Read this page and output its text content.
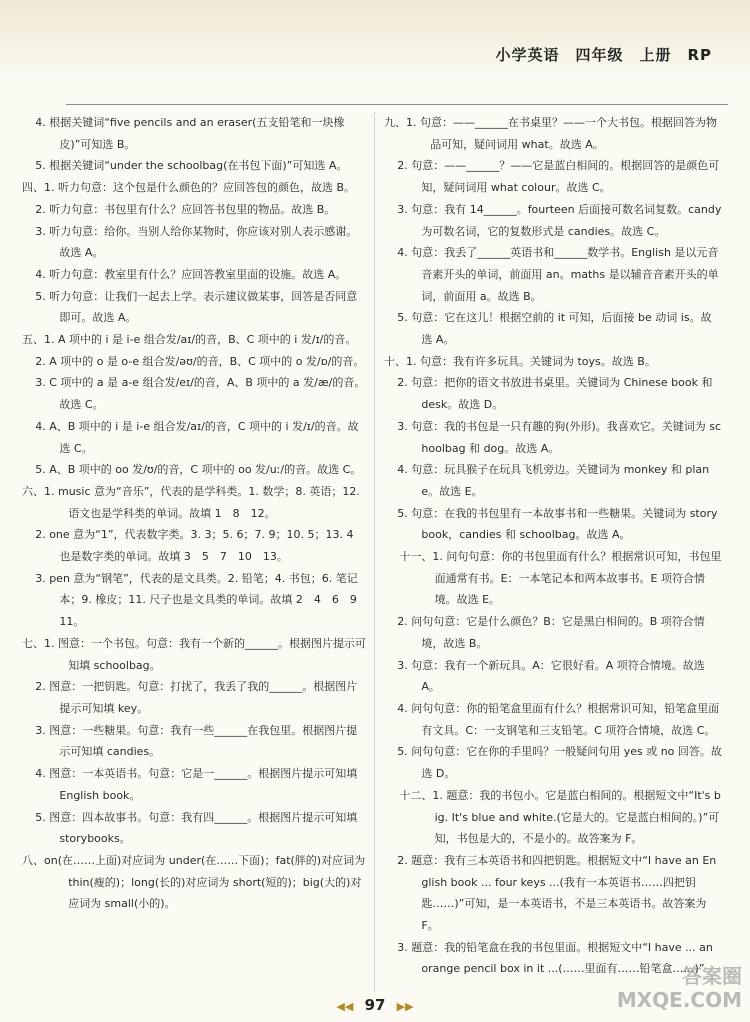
小学英语　四年级　上册　RP

4. 根据关键词“five pencils and an eraser(五支铅笔和一块橡皮)”可知选 B。

5. 根据关键词“under the schoolbag(在书包下面)”可知选 A。

四、1. 听力句意：这个包是什么颜色的？应回答包的颜色，故选 B。

2. 听力句意：书包里有什么？应回答书包里的物品。故选 B。

3. 听力句意：给你。当别人给你某物时，你应该对别人表示感谢。故选 A。

4. 听力句意：教室里有什么？应回答教室里面的设施。故选 A。

5. 听力句意：让我们一起去上学。表示建议做某事，回答是否同意即可。故选 A。

五、1. A 项中的 i 是 i-e 组合发/aɪ/的音，B、C 项中的 i 发/ɪ/的音。

2. A 项中的 o 是 o-e 组合发/əʊ/的音，B、C 项中的 o 发/ɒ/的音。

3. C 项中的 a 是 a-e 组合发/eɪ/的音，A、B 项中的 a 发/æ/的音。故选 C。

4. A、B 项中的 i 是 i-e 组合发/aɪ/的音，C 项中的 i 发/ɪ/的音。故选 C。

5. A、B 项中的 oo 发/ʊ/的音，C 项中的 oo 发/uː/的音。故选 C。

六、1. music 意为“音乐”，代表的是学科类。1. 数学；8. 英语；12. 语文也是学科类的单词。故填 1　8　12。

2. one 意为“1”，代表数字类。3. 3；5. 6；7. 9；10. 5；13. 4 也是数字类的单词。故填 3　5　7　10　13。

3. pen 意为“钢笔”，代表的是文具类。2. 铅笔；4. 书包；6. 笔记本；9. 橡皮；11. 尺子也是文具类的单词。故填 2　4　6　9　11。

七、1. 图意：一个书包。句意：我有一个新的______。根据图片提示可知填 schoolbag。

2. 图意：一把钥匙。句意：打扰了，我丢了我的______。根据图片提示可知填 key。

3. 图意：一些糖果。句意：我有一些______在我包里。根据图片提示可知填 candies。

4. 图意：一本英语书。句意：它是一______。根据图片提示可知填 English book。

5. 图意：四本故事书。句意：我有四______。根据图片提示可知填 storybooks。

八、on(在……上面)对应词为 under(在……下面)；fat(胖的)对应词为 thin(瘦的)；long(长的)对应词为 short(短的)；big(大的)对应词为 small(小的)。

九、1. 句意：——______在书桌里？——一个大书包。根据回答为物品可知，疑问词用 what。故选 A。

2. 句意：——______？——它是蓝白相间的。根据回答的是颜色可知，疑问词用 what colour。故选 C。

3. 句意：我有 14______。fourteen 后面接可数名词复数。candy 为可数名词，它的复数形式是 candies。故选 C。

4. 句意：我丢了______英语书和______数学书。English 是以元音音素开头的单词，前面用 an。maths 是以辅音音素开头的单词，前面用 a。故选 B。

5. 句意：它在这儿！根据空前的 it 可知，后面接 be 动词 is。故选 A。

十、1. 句意：我有许多玩具。关键词为 toys。故选 B。

2. 句意：把你的语文书放进书桌里。关键词为 Chinese book 和 desk。故选 D。

3. 句意：我的书包是一只有趣的狗(外形)。我喜欢它。关键词为 schoolbag 和 dog。故选 A。

4. 句意：玩具猴子在玩具飞机旁边。关键词为 monkey 和 plane。故选 E。

5. 句意：在我的书包里有一本故事书和一些糖果。关键词为 storybook，candies 和 schoolbag。故选 A。

十一、1. 问句句意：你的书包里面有什么？根据常识可知，书包里面通常有书。E：一本笔记本和两本故事书。E 项符合情境。故选 E。

2. 问句句意：它是什么颜色？B：它是黑白相间的。B 项符合情境，故选 B。

3. 句意：我有一个新玩具。A：它很好看。A 项符合情境。故选 A。

4. 问句句意：你的铅笔盒里面有什么？根据常识可知，铅笔盒里面有文具。C：一支钢笔和三支铅笔。C 项符合情境，故选 C。

5. 问句句意：它在你的手里吗？一般疑问句用 yes 或 no 回答。故选 D。

十二、1. 题意：我的书包小。它是蓝白相间的。根据短文中“It's big. It's blue and white.(它是大的。它是蓝白相间的。)”可知，书包是大的，不是小的。故答案为 F。

2. 题意：我有三本英语书和四把钥匙。根据短文中“I have an English book ... four keys ...(我有一本英语书……四把钥匙……)”可知，是一本英语书，不是三本英语书。故答案为 F。

3. 题意：我的铅笔盒在我的书包里面。根据短文中“I have ... an orange pencil box in it ...(……里面有……铅笔盒……)”

◀◀ 97 ▶▶
答案圈
MXQE.COM
